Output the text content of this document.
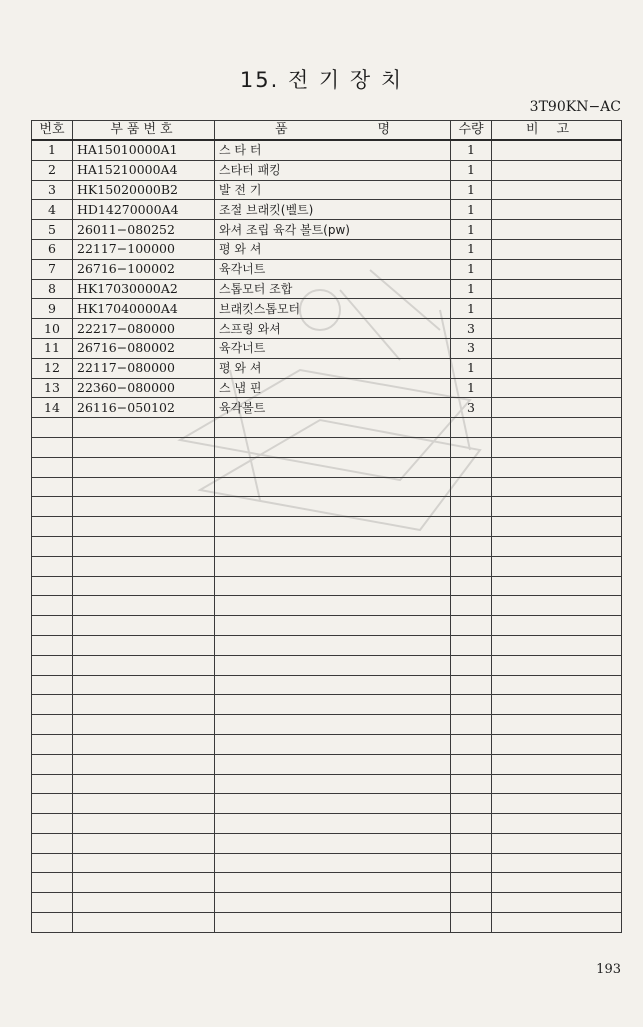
15. 전 기 장 치
3T90KN−AC
번호	부품번호	품 명	수량	비고
1	HA15010000A1	스 타 터	1	
2	HA15210000A4	스타터 패킹	1	
3	HK15020000B2	발 전 기	1	
4	HD14270000A4	조절 브래킷(벨트)	1	
5	26011−080252	와셔 조립 육각 볼트(pw)	1	
6	22117−100000	평 와 셔	1	
7	26716−100002	육각너트	1	
8	HK17030000A2	스톱모터 조합	1	
9	HK17040000A4	브래킷스톱모터	1	
10	22217−080000	스프링 와셔	3	
11	26716−080002	육각너트	3	
12	22117−080000	평 와 셔	1	
13	22360−080000	스 냅 핀	1	
14	26116−050102	육각볼트	3	

193
